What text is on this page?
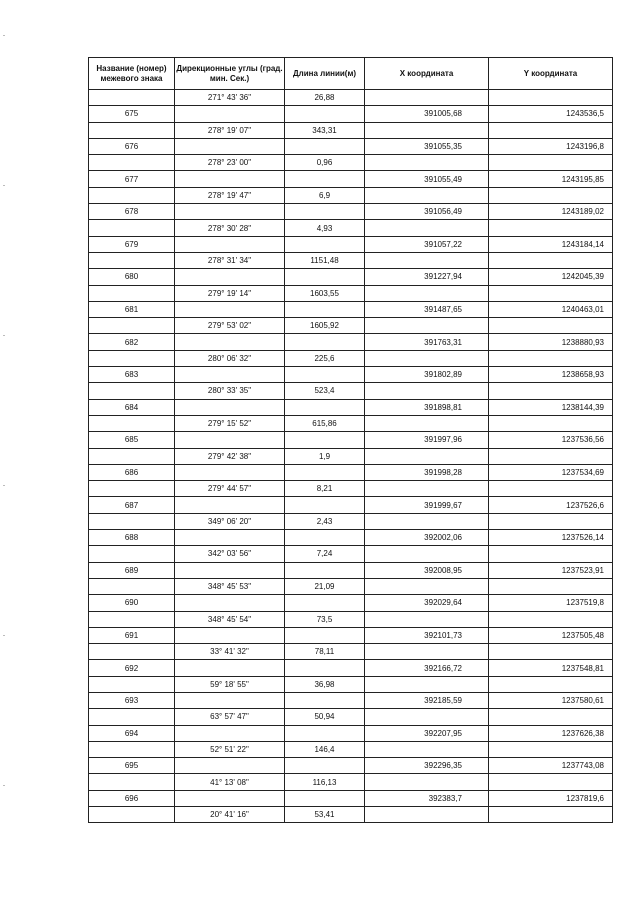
Название (номер) межевого знака	Дирекционные углы (град. мин. Сек.)	Длина линии(м)	X координата	Y координата
	271° 43' 36"	26,88		
675			391005,68	1243536,5
	278° 19' 07"	343,31		
676			391055,35	1243196,8
	278° 23' 00"	0,96		
677			391055,49	1243195,85
	278° 19' 47"	6,9		
678			391056,49	1243189,02
	278° 30' 28"	4,93		
679			391057,22	1243184,14
	278° 31' 34"	1151,48		
680			391227,94	1242045,39
	279° 19' 14"	1603,55		
681			391487,65	1240463,01
	279° 53' 02"	1605,92		
682			391763,31	1238880,93
	280° 06' 32"	225,6		
683			391802,89	1238658,93
	280° 33' 35"	523,4		
684			391898,81	1238144,39
	279° 15' 52"	615,86		
685			391997,96	1237536,56
	279° 42' 38"	1,9		
686			391998,28	1237534,69
	279° 44' 57"	8,21		
687			391999,67	1237526,6
	349° 06' 20"	2,43		
688			392002,06	1237526,14
	342° 03' 56"	7,24		
689			392008,95	1237523,91
	348° 45' 53"	21,09		
690			392029,64	1237519,8
	348° 45' 54"	73,5		
691			392101,73	1237505,48
	33° 41' 32"	78,11		
692			392166,72	1237548,81
	59° 18' 55"	36,98		
693			392185,59	1237580,61
	63° 57' 47"	50,94		
694			392207,95	1237626,38
	52° 51' 22"	146,4		
695			392296,35	1237743,08
	41° 13' 08"	116,13		
696			392383,7	1237819,6
	20° 41' 16"	53,41		
